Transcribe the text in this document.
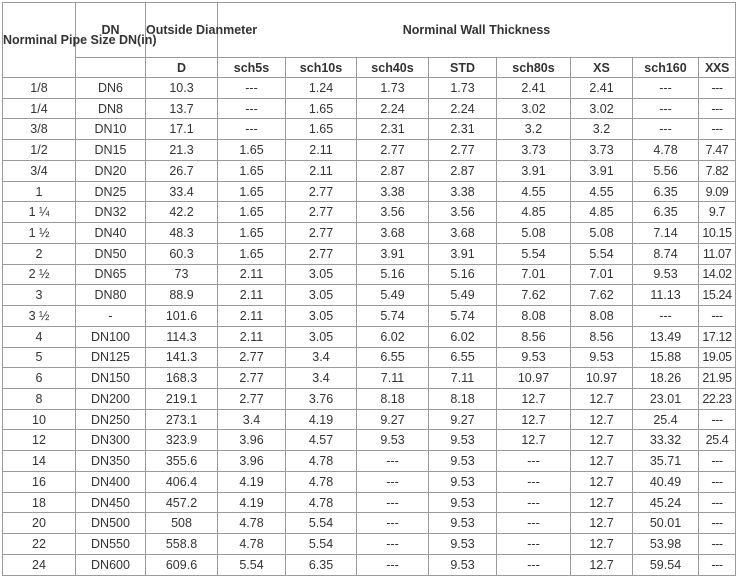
Norminal Pipe Size DN(in)	DN	Outside Dianmeter	Norminal Wall Thickness							
		D	sch5s	sch10s	sch40s	STD	sch80s	XS	sch160	XXS
1/8	DN6	10.3	---	1.24	1.73	1.73	2.41	2.41	---	---
1/4	DN8	13.7	---	1.65	2.24	2.24	3.02	3.02	---	---
3/8	DN10	17.1	---	1.65	2.31	2.31	3.2	3.2	---	---
1/2	DN15	21.3	1.65	2.11	2.77	2.77	3.73	3.73	4.78	7.47
3/4	DN20	26.7	1.65	2.11	2.87	2.87	3.91	3.91	5.56	7.82
1	DN25	33.4	1.65	2.77	3.38	3.38	4.55	4.55	6.35	9.09
1 ¼	DN32	42.2	1.65	2.77	3.56	3.56	4.85	4.85	6.35	9.7
1 ½	DN40	48.3	1.65	2.77	3.68	3.68	5.08	5.08	7.14	10.15
2	DN50	60.3	1.65	2.77	3.91	3.91	5.54	5.54	8.74	11.07
2 ½	DN65	73	2.11	3.05	5.16	5.16	7.01	7.01	9.53	14.02
3	DN80	88.9	2.11	3.05	5.49	5.49	7.62	7.62	11.13	15.24
3 ½	-	101.6	2.11	3.05	5.74	5.74	8.08	8.08	---	---
4	DN100	114.3	2.11	3.05	6.02	6.02	8.56	8.56	13.49	17.12
5	DN125	141.3	2.77	3.4	6.55	6.55	9.53	9.53	15.88	19.05
6	DN150	168.3	2.77	3.4	7.11	7.11	10.97	10.97	18.26	21.95
8	DN200	219.1	2.77	3.76	8.18	8.18	12.7	12.7	23.01	22.23
10	DN250	273.1	3.4	4.19	9.27	9.27	12.7	12.7	25.4	---
12	DN300	323.9	3.96	4.57	9.53	9.53	12.7	12.7	33.32	25.4
14	DN350	355.6	3.96	4.78	---	9.53	---	12.7	35.71	---
16	DN400	406.4	4.19	4.78	---	9.53	---	12.7	40.49	---
18	DN450	457.2	4.19	4.78	---	9.53	---	12.7	45.24	---
20	DN500	508	4.78	5.54	---	9.53	---	12.7	50.01	---
22	DN550	558.8	4.78	5.54	---	9.53	---	12.7	53.98	---
24	DN600	609.6	5.54	6.35	---	9.53	---	12.7	59.54	---
